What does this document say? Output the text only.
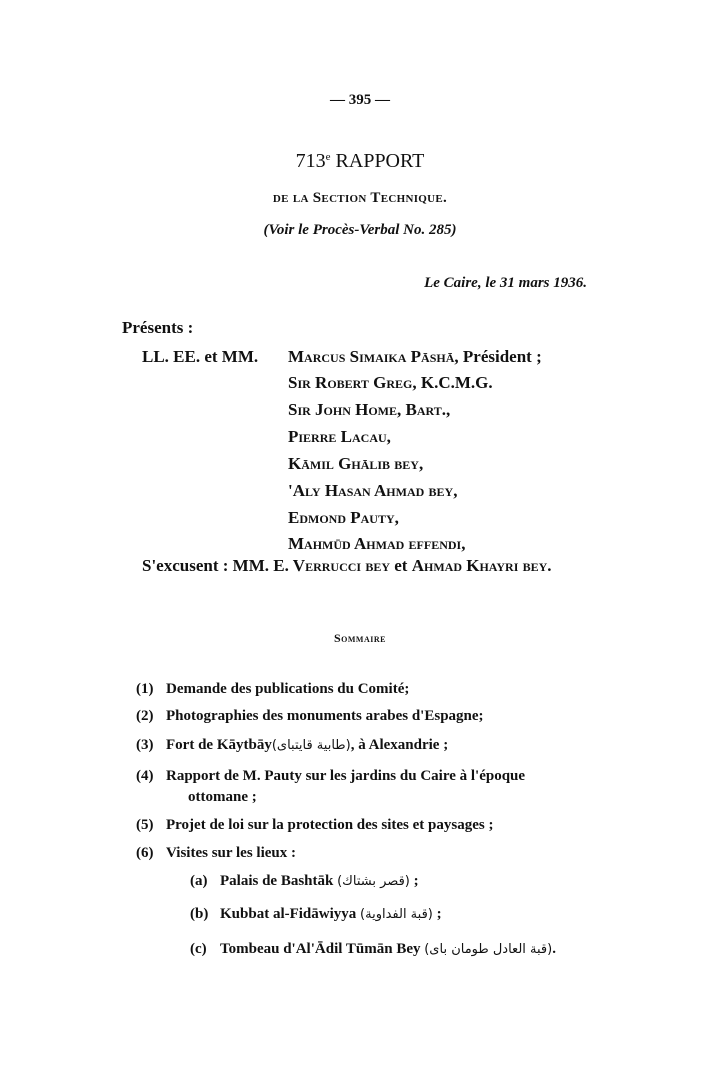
— 395 —
713e RAPPORT
de la Section Technique.
(Voir le Procès-Verbal No. 285)
Le Caire, le 31 mars 1936.
Présents :
LL. EE. et MM. Marcus Simaika Pāshā, Président ;
Sir Robert Greg, K.C.M.G.
Sir John Home, Bart.,
Pierre Lacau,
Kāmil Ghālib bey,
'Aly Hasan Ahmad bey,
Edmond Pauty,
Mahmūd Ahmad effendi,
S'excusent : MM. E. Verrucci bey et Ahmad Khayri bey.
Sommaire
(1) Demande des publications du Comité;
(2) Photographies des monuments arabes d'Espagne;
(3) Fort de Kāytbāy(طابية قايتباى), à Alexandrie ;
(4) Rapport de M. Pauty sur les jardins du Caire à l'époque
ottomane ;
(5) Projet de loi sur la protection des sites et paysages ;
(6) Visites sur les lieux :
(a) Palais de Bashtāk (قصر بشتاك) ;
(b) Kubbat al-Fidāwiyya (قبة الفداوية) ;
(c) Tombeau d'Al'Ādil Tūmān Bey (قبة العادل طومان باى).
